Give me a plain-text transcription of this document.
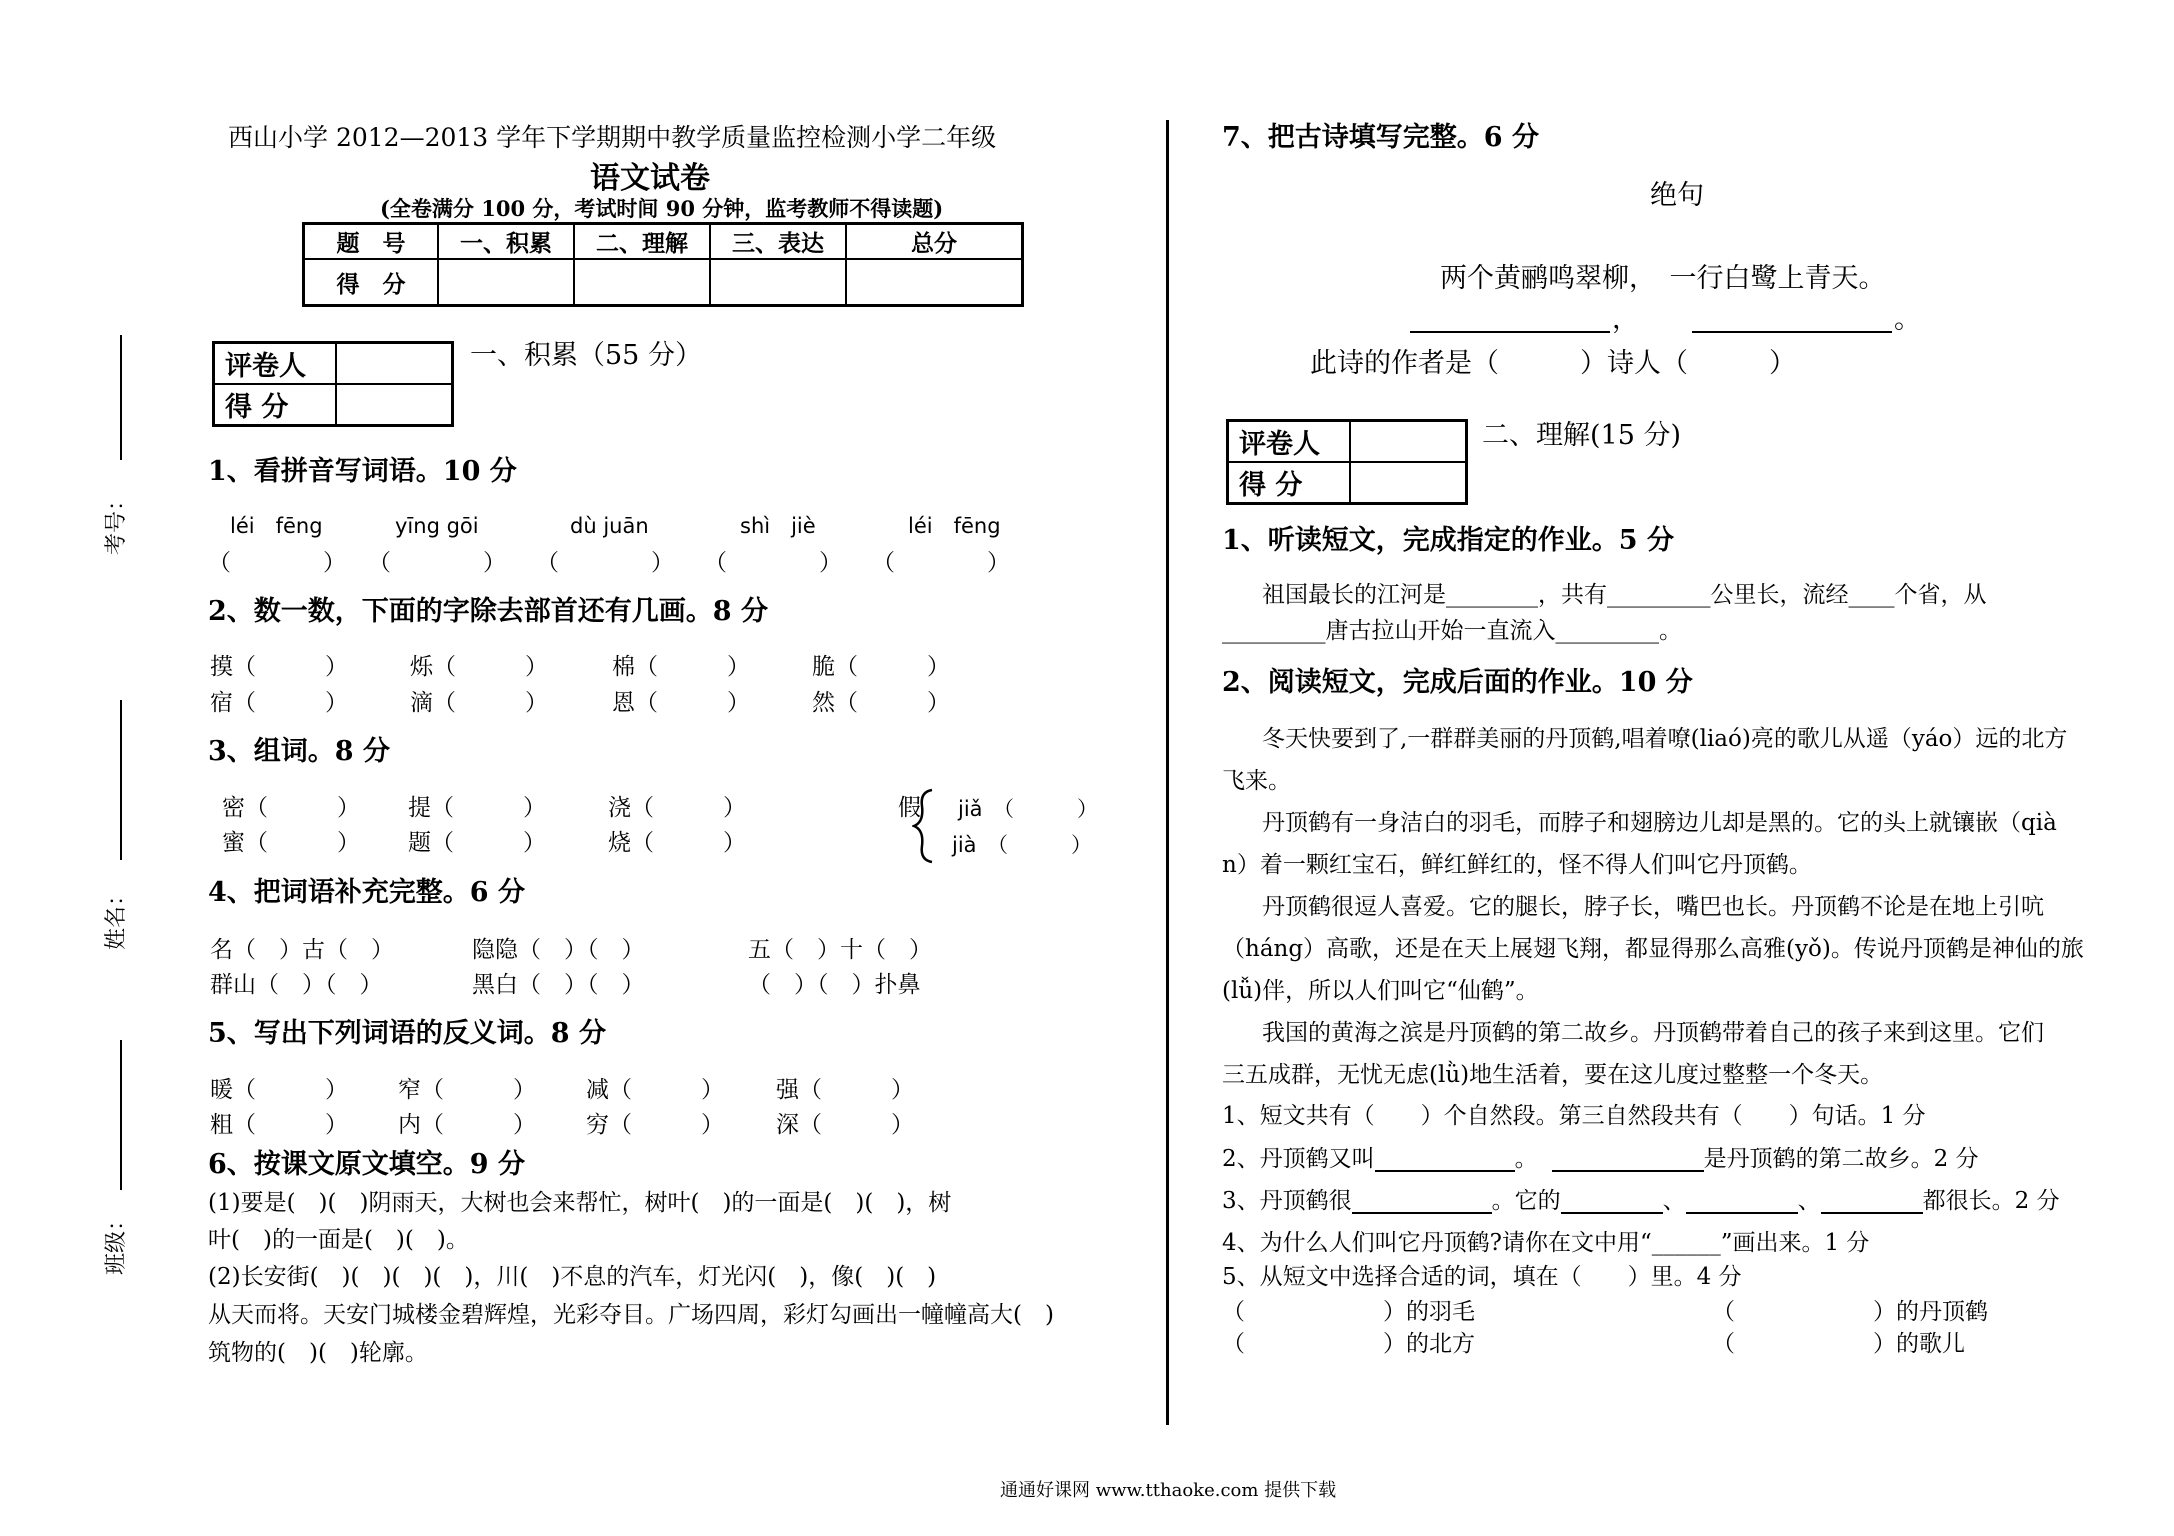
考号：
姓名：
班级：
西山小学 2012—2013 学年下学期期中教学质量监控检测小学二年级
语文试卷
(全卷满分 100 分，考试时间 90 分钟，监考教师不得读题)
题　号	一、积累	二、理解	三、表达	总分
得　分				
评卷人	
得 分	
一、积累（55 分）
1、看拼音写词语。10 分
léi　fēng	yīng gōi	dù juān	shì　jiè	léi　fēng
（　　　　） （　　　　） （　　　　） （　　　　） （　　　　）
2、数一数，下面的字除去部首还有几画。8 分
摸（　　　）	烁（　　　）	棉（　　　）	脆（　　　）
宿（　　　）	滴（　　　）	恩（　　　）	然（　　　）
3、组词。8 分
密（　　　） 提（　　　）	浇（　　　）
蜜（　　　） 题（　　　）	烧（　　　）
假 jiǎ　（　　　）
jià　（　　　）
4、把词语补充完整。6 分
名（　）古（　）	隐隐（　）（　）	五（　）十（　）
群山（　）（　）	黑白（　）（　）	（　）（　）扑鼻
5、写出下列词语的反义词。8 分
暖（　　　） 窄（　　　） 减（　　　） 强（　　　）
粗（　　　） 内（　　　） 穷（　　　） 深（　　　）
6、按课文原文填空。9 分
(1)要是(　)(　)阴雨天，大树也会来帮忙，树叶(　)的一面是(　)(　)，树
叶(　)的一面是(　)(　)。
(2)长安街(　)(　)(　)(　)，川(　)不息的汽车，灯光闪(　)，像(　)(　)
从天而将。天安门城楼金碧辉煌，光彩夺目。广场四周，彩灯勾画出一幢幢高大(　)
筑物的(　)(　)轮廓。
7、把古诗填写完整。6 分
绝句
两个黄鹂鸣翠柳，　一行白鹭上青天。
，	。
此诗的作者是（　　　）诗人（　　　）
评卷人	
得 分	
二、理解(15 分)
1、听读短文，完成指定的作业。5 分
祖国最长的江河是________，共有_________公里长，流经____个省，从
_________唐古拉山开始一直流入_________。
2、阅读短文，完成后面的作业。10 分
冬天快要到了,一群群美丽的丹顶鹤,唱着嘹(liaó)亮的歌儿从遥（yáo）远的北方
飞来。
丹顶鹤有一身洁白的羽毛，而脖子和翅膀边儿却是黑的。它的头上就镶嵌（qià
n）着一颗红宝石，鲜红鲜红的，怪不得人们叫它丹顶鹤。
丹顶鹤很逗人喜爱。它的腿长，脖子长，嘴巴也长。丹顶鹤不论是在地上引吭
（háng）高歌，还是在天上展翅飞翔，都显得那么高雅(yǒ)。传说丹顶鹤是神仙的旅
(lǚ)伴，所以人们叫它“仙鹤”。
我国的黄海之滨是丹顶鹤的第二故乡。丹顶鹤带着自己的孩子来到这里。它们
三五成群，无忧无虑(lǜ)地生活着，要在这儿度过整整一个冬天。
1、短文共有（　　）个自然段。第三自然段共有（　　）句话。1 分
2、丹顶鹤又叫	。	是丹顶鹤的第二故乡。2 分
3、丹顶鹤很	。它的	、	、	都很长。2 分
4、为什么人们叫它丹顶鹤?请你在文中用“______”画出来。1 分
5、从短文中选择合适的词，填在（　　）里。4 分
（　　　　　　）的羽毛	（　　　　　　）的丹顶鹤
（　　　　　　）的北方	（　　　　　　）的歌儿
通通好课网 www.tthaoke.com 提供下载
